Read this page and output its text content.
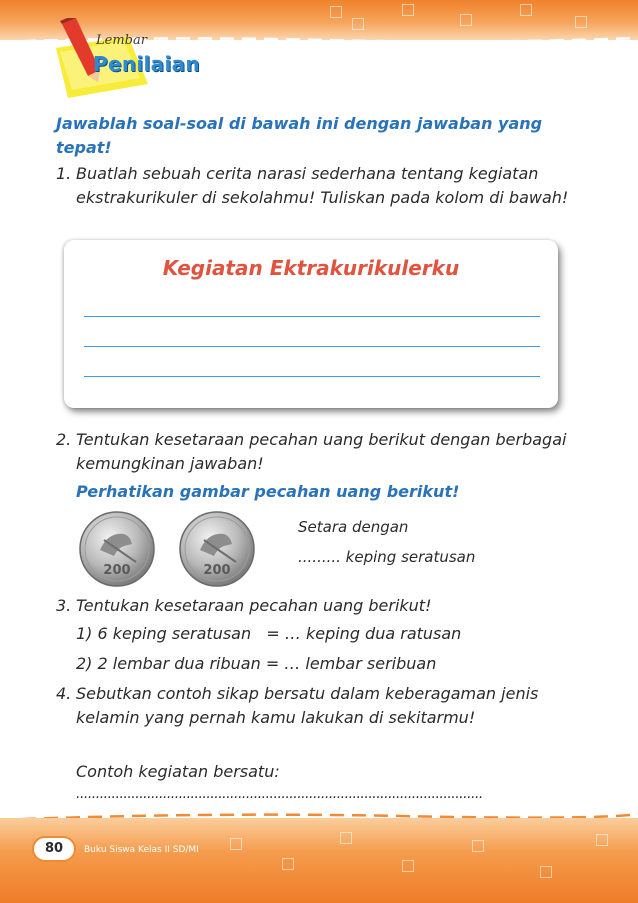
Lembar
Penilaian
Jawablah soal-soal di bawah ini dengan jawaban yang tepat!
1. Buatlah sebuah cerita narasi sederhana tentang kegiatan ekstrakurikuler di sekolahmu! Tuliskan pada kolom di bawah!
Kegiatan Ektrakurikulerku
2. Tentukan kesetaraan pecahan uang berikut dengan berbagai kemungkinan jawaban!
Perhatikan gambar pecahan uang berikut!
200	200
Setara dengan
......... keping seratusan
3. Tentukan kesetaraan pecahan uang berikut!
1) 6 keping seratusan   = … keping dua ratusan
2) 2 lembar dua ribuan = … lembar seribuan
4. Sebutkan contoh sikap bersatu dalam keberagaman jenis kelamin yang pernah kamu lakukan di sekitarmu!
Contoh kegiatan bersatu:
.......................................................................................................
80	Buku Siswa Kelas II SD/MI
